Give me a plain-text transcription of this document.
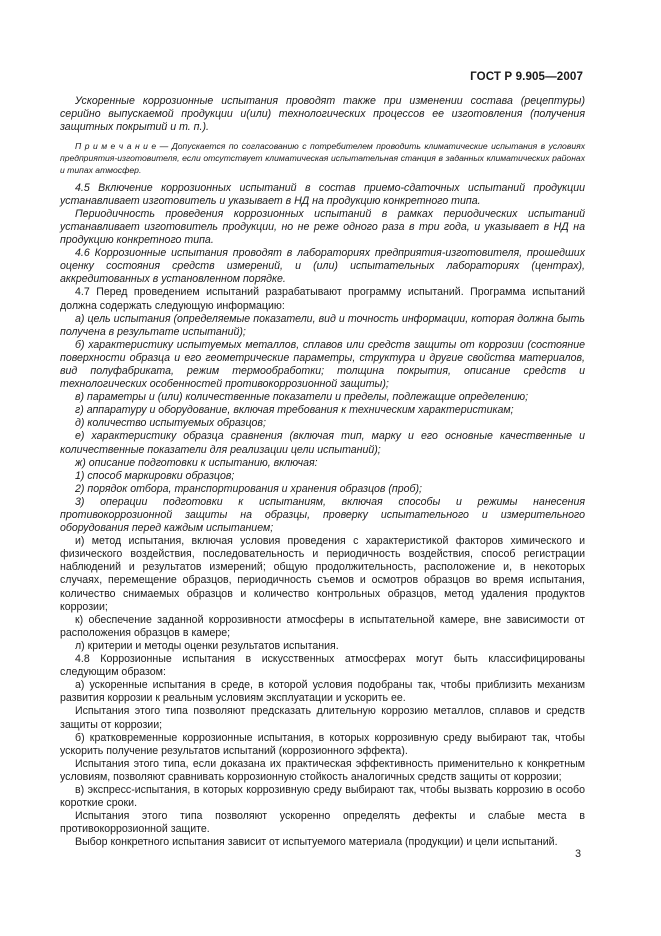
ГОСТ Р 9.905—2007

Ускоренные коррозионные испытания проводят также при изменении состава (рецептуры) серийно выпускаемой продукции и(или) технологических процессов ее изготовления (получения защитных покрытий и т. п.).

П р и м е ч а н и е — Допускается по согласованию с потребителем проводить климатические испытания в условиях предприятия-изготовителя, если отсутствует климатическая испытательная станция в заданных климатических районах и типах атмосфер.

4.5 Включение коррозионных испытаний в состав приемо-сдаточных испытаний продукции устанавливает изготовитель и указывает в НД на продукцию конкретного типа.

Периодичность проведения коррозионных испытаний в рамках периодических испытаний устанавливает изготовитель продукции, но не реже одного раза в три года, и указывает в НД на продукцию конкретного типа.

4.6 Коррозионные испытания проводят в лабораториях предприятия-изготовителя, прошедших оценку состояния средств измерений, и (или) испытательных лабораториях (центрах), аккредитованных в установленном порядке.

4.7 Перед проведением испытаний разрабатывают программу испытаний. Программа испытаний должна содержать следующую информацию:

а) цель испытания (определяемые показатели, вид и точность информации, которая должна быть получена в результате испытаний);

б) характеристику испытуемых металлов, сплавов или средств защиты от коррозии (состояние поверхности образца и его геометрические параметры, структура и другие свойства материалов, вид полуфабриката, режим термообработки; толщина покрытия, описание средств и технологических особенностей противокоррозионной защиты);

в) параметры и (или) количественные показатели и пределы, подлежащие определению;

г) аппаратуру и оборудование, включая требования к техническим характеристикам;

д) количество испытуемых образцов;

е) характеристику образца сравнения (включая тип, марку и его основные качественные и количественные показатели для реализации цели испытаний);

ж) описание подготовки к испытанию, включая:

1) способ маркировки образцов;

2) порядок отбора, транспортирования и хранения образцов (проб);

3) операции подготовки к испытаниям, включая способы и режимы нанесения противокоррозионной защиты на образцы, проверку испытательного и измерительного оборудования перед каждым испытанием;

и) метод испытания, включая условия проведения с характеристикой факторов химического и физического воздействия, последовательность и периодичность воздействия, способ регистрации наблюдений и результатов измерений; общую продолжительность, расположение и, в некоторых случаях, перемещение образцов, периодичность съемов и осмотров образцов во время испытания, количество снимаемых образцов и количество контрольных образцов, метод удаления продуктов коррозии;

к) обеспечение заданной коррозивности атмосферы в испытательной камере, вне зависимости от расположения образцов в камере;

л) критерии и методы оценки результатов испытания.

4.8 Коррозионные испытания в искусственных атмосферах могут быть классифицированы следующим образом:

а) ускоренные испытания в среде, в которой условия подобраны так, чтобы приблизить механизм развития коррозии к реальным условиям эксплуатации и ускорить ее.

Испытания этого типа позволяют предсказать длительную коррозию металлов, сплавов и средств защиты от коррозии;

б) кратковременные коррозионные испытания, в которых коррозивную среду выбирают так, чтобы ускорить получение результатов испытаний (коррозионного эффекта).

Испытания этого типа, если доказана их практическая эффективность применительно к конкретным условиям, позволяют сравнивать коррозионную стойкость аналогичных средств защиты от коррозии;

в) экспресс-испытания, в которых коррозивную среду выбирают так, чтобы вызвать коррозию в особо короткие сроки.

Испытания этого типа позволяют ускоренно определять дефекты и слабые места в противокоррозионной защите.

Выбор конкретного испытания зависит от испытуемого материала (продукции) и цели испытаний.

3
